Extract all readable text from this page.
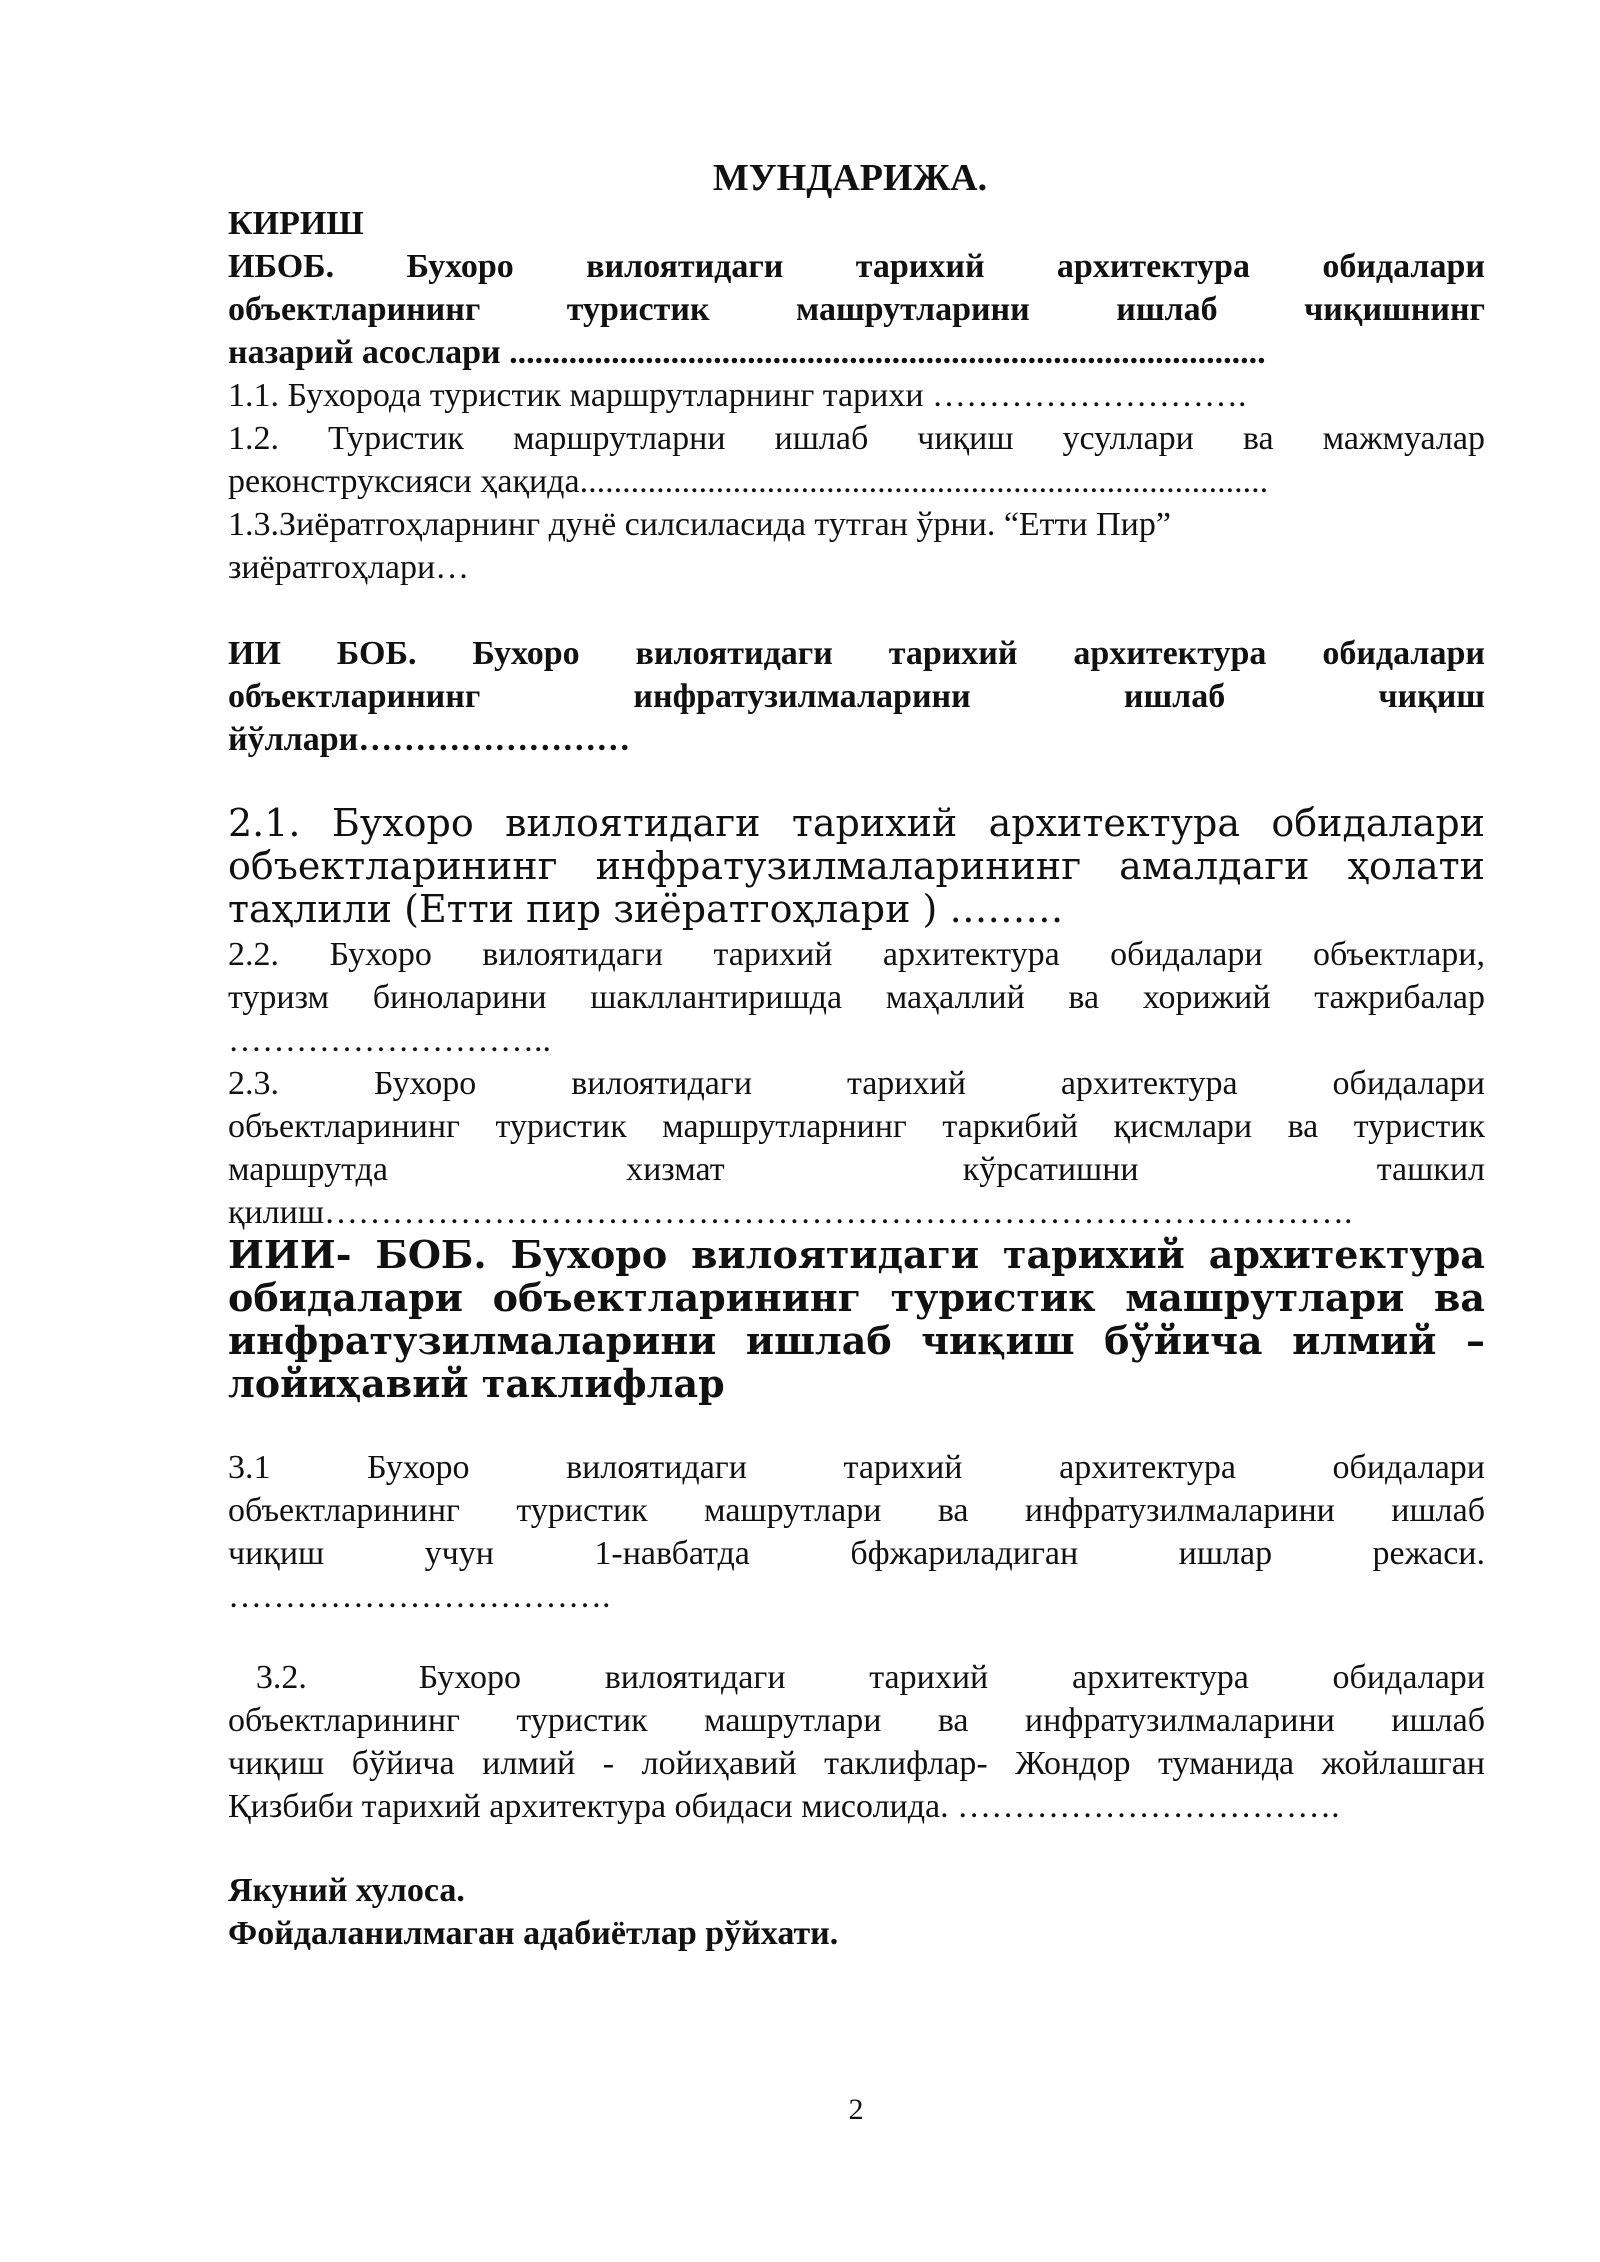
МУНДАРИЖА.
КИРИШ
ИБОБ. Бухоро вилоятидаги тарихий архитектура обидалари
объектларининг туристик машрутларини ишлаб чиқишнинг
назарий асослари .........................................................................................
1.1. Бухорода туристик маршрутларнинг тарихи ……………………….
1.2. Туристик маршрутларни ишлаб чиқиш усуллари ва мажмуалар
реконструксияси ҳақида.................................................................................
1.3.Зиёратгоҳларнинг дунё силсиласида тутган ўрни. “Етти Пир”
зиёратгоҳлари…
ИИ БОБ. Бухоро вилоятидаги тарихий архитектура обидалари
объектларининг инфратузилмаларини ишлаб чиқиш
йўллари……………………
2.1. Бухоро вилоятидаги тарихий архитектура обидалари
объектларининг инфратузилмаларининг амалдаги ҳолати
таҳлили (Етти пир зиёратгоҳлари ) ………
2.2. Бухоро вилоятидаги тарихий архитектура обидалари объектлари,
туризм биноларини шакллантиришда маҳаллий ва хорижий тажрибалар
………………………..
2.3. Бухоро вилоятидаги тарихий архитектура обидалари
объектларининг туристик маршрутларнинг таркибий қисмлари ва туристик
маршрутда хизмат кўрсатишни ташкил
қилиш……………………………………………………………………………….
ИИИ- БОБ. Бухоро вилоятидаги тарихий архитектура
обидалари объектларининг туристик машрутлари ва
инфратузилмаларини ишлаб чиқиш бўйича илмий –
лойиҳавий таклифлар
3.1 Бухоро вилоятидаги тарихий архитектура обидалари
объектларининг туристик машрутлари ва инфратузилмаларини ишлаб
чиқиш учун 1-навбатда бфжариладиган ишлар режаси.
…………………………….
3.2.    Бухоро   вилоятидаги   тарихий   архитектура   обидалари
объектларининг туристик машрутлари ва инфратузилмаларини ишлаб
чиқиш бўйича илмий - лойиҳавий таклифлар- Жондор туманида жойлашган
Қизбиби тарихий архитектура обидаси мисолида. …………………………….
Якуний хулоса.
Фойдаланилмаган адабиётлар рўйхати.
2
